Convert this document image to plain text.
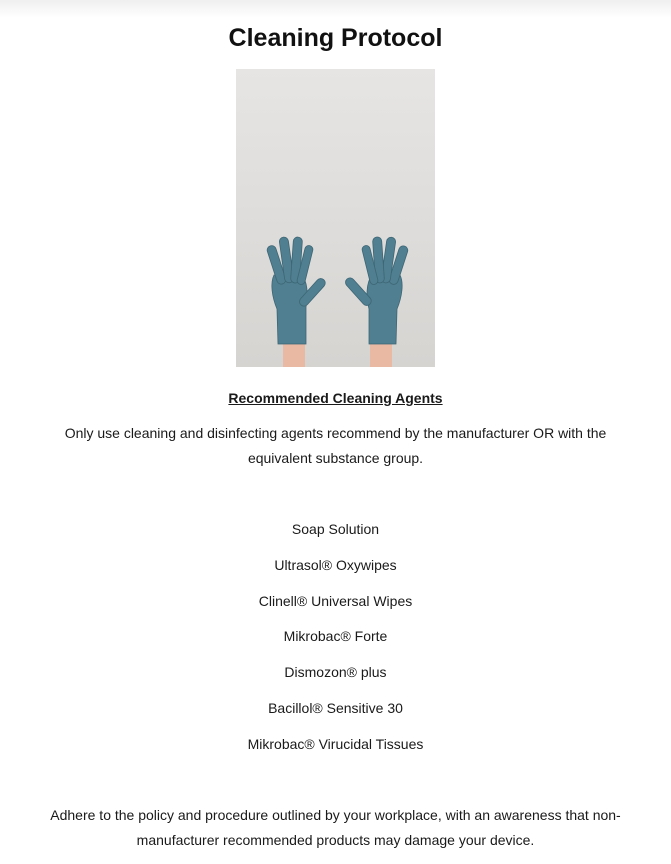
Cleaning Protocol
Recommended Cleaning Agents

Only use cleaning and disinfecting agents recommend by the manufacturer OR with the equivalent substance group.

Soap Solution
Ultrasol® Oxywipes
Clinell® Universal Wipes
Mikrobac® Forte
Dismozon® plus
Bacillol® Sensitive 30
Mikrobac® Virucidal Tissues

Adhere to the policy and procedure outlined by your workplace, with an awareness that non-manufacturer recommended products may damage your device.
